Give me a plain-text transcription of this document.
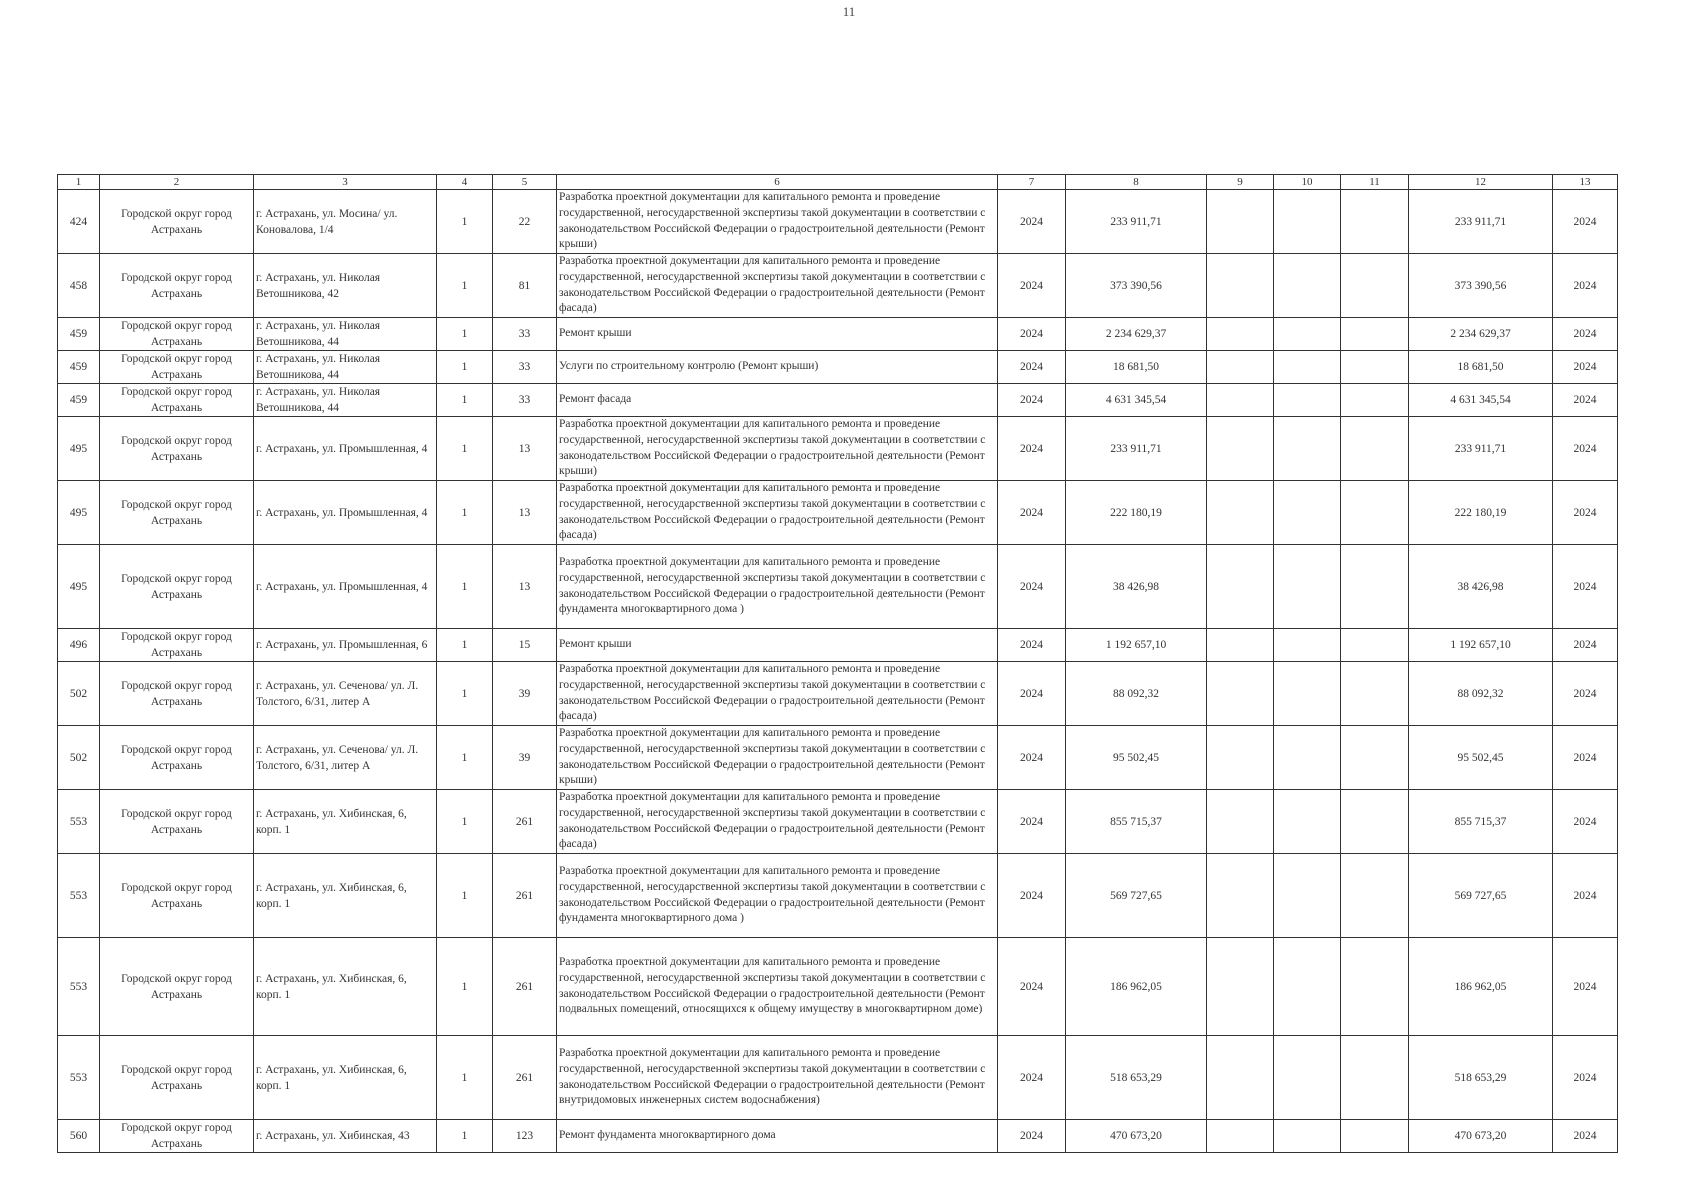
11
1	2	3	4	5	6	7	8	9	10	11	12	13
424	Городской округ город Астрахань	г. Астрахань, ул. Мосина/ ул. Коновалова, 1/4	1	22	Разработка проектной документации для капитального ремонта и проведение государственной, негосударственной экспертизы такой документации в соответствии с законодательством Российской Федерации о градостроительной деятельности (Ремонт крыши)	2024	233 911,71				233 911,71	2024
458	Городской округ город Астрахань	г. Астрахань, ул. Николая Ветошникова, 42	1	81	Разработка проектной документации для капитального ремонта и проведение государственной, негосударственной экспертизы такой документации в соответствии с законодательством Российской Федерации о градостроительной деятельности (Ремонт фасада)	2024	373 390,56				373 390,56	2024
459	Городской округ город Астрахань	г. Астрахань, ул. Николая Ветошникова, 44	1	33	Ремонт крыши	2024	2 234 629,37				2 234 629,37	2024
459	Городской округ город Астрахань	г. Астрахань, ул. Николая Ветошникова, 44	1	33	Услуги по строительному контролю (Ремонт крыши)	2024	18 681,50				18 681,50	2024
459	Городской округ город Астрахань	г. Астрахань, ул. Николая Ветошникова, 44	1	33	Ремонт фасада	2024	4 631 345,54				4 631 345,54	2024
495	Городской округ город Астрахань	г. Астрахань, ул. Промышленная, 4	1	13	Разработка проектной документации для капитального ремонта и проведение государственной, негосударственной экспертизы такой документации в соответствии с законодательством Российской Федерации о градостроительной деятельности (Ремонт крыши)	2024	233 911,71				233 911,71	2024
495	Городской округ город Астрахань	г. Астрахань, ул. Промышленная, 4	1	13	Разработка проектной документации для капитального ремонта и проведение государственной, негосударственной экспертизы такой документации в соответствии с законодательством Российской Федерации о градостроительной деятельности (Ремонт фасада)	2024	222 180,19				222 180,19	2024
495	Городской округ город Астрахань	г. Астрахань, ул. Промышленная, 4	1	13	Разработка проектной документации для капитального ремонта и проведение государственной, негосударственной экспертизы такой документации в соответствии с законодательством Российской Федерации о градостроительной деятельности (Ремонт фундамента многоквартирного дома )	2024	38 426,98				38 426,98	2024
496	Городской округ город Астрахань	г. Астрахань, ул. Промышленная, 6	1	15	Ремонт крыши	2024	1 192 657,10				1 192 657,10	2024
502	Городской округ город Астрахань	г. Астрахань, ул. Сеченова/ ул. Л. Толстого, 6/31, литер А	1	39	Разработка проектной документации для капитального ремонта и проведение государственной, негосударственной экспертизы такой документации в соответствии с законодательством Российской Федерации о градостроительной деятельности (Ремонт фасада)	2024	88 092,32				88 092,32	2024
502	Городской округ город Астрахань	г. Астрахань, ул. Сеченова/ ул. Л. Толстого, 6/31, литер А	1	39	Разработка проектной документации для капитального ремонта и проведение государственной, негосударственной экспертизы такой документации в соответствии с законодательством Российской Федерации о градостроительной деятельности (Ремонт крыши)	2024	95 502,45				95 502,45	2024
553	Городской округ город Астрахань	г. Астрахань, ул. Хибинская, 6, корп. 1	1	261	Разработка проектной документации для капитального ремонта и проведение государственной, негосударственной экспертизы такой документации в соответствии с законодательством Российской Федерации о градостроительной деятельности (Ремонт фасада)	2024	855 715,37				855 715,37	2024
553	Городской округ город Астрахань	г. Астрахань, ул. Хибинская, 6, корп. 1	1	261	Разработка проектной документации для капитального ремонта и проведение государственной, негосударственной экспертизы такой документации в соответствии с законодательством Российской Федерации о градостроительной деятельности (Ремонт фундамента многоквартирного дома )	2024	569 727,65				569 727,65	2024
553	Городской округ город Астрахань	г. Астрахань, ул. Хибинская, 6, корп. 1	1	261	Разработка проектной документации для капитального ремонта и проведение государственной, негосударственной экспертизы такой документации в соответствии с законодательством Российской Федерации о градостроительной деятельности (Ремонт подвальных помещений, относящихся к общему имуществу в многоквартирном доме)	2024	186 962,05				186 962,05	2024
553	Городской округ город Астрахань	г. Астрахань, ул. Хибинская, 6, корп. 1	1	261	Разработка проектной документации для капитального ремонта и проведение государственной, негосударственной экспертизы такой документации в соответствии с законодательством Российской Федерации о градостроительной деятельности (Ремонт внутридомовых инженерных систем водоснабжения)	2024	518 653,29				518 653,29	2024
560	Городской округ город Астрахань	г. Астрахань, ул. Хибинская, 43	1	123	Ремонт фундамента многоквартирного дома	2024	470 673,20				470 673,20	2024
